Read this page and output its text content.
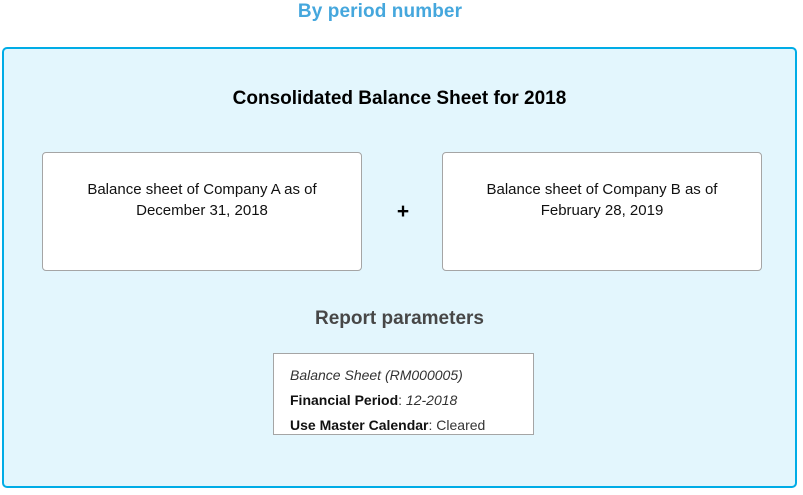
By period number
Consolidated Balance Sheet for 2018

Balance sheet of Company A as of December 31, 2018	+

Balance sheet of Company B as of February 28, 2019

Report parameters
Balance Sheet (RM000005)
Financial Period: 12-2018
Use Master Calendar: Cleared
